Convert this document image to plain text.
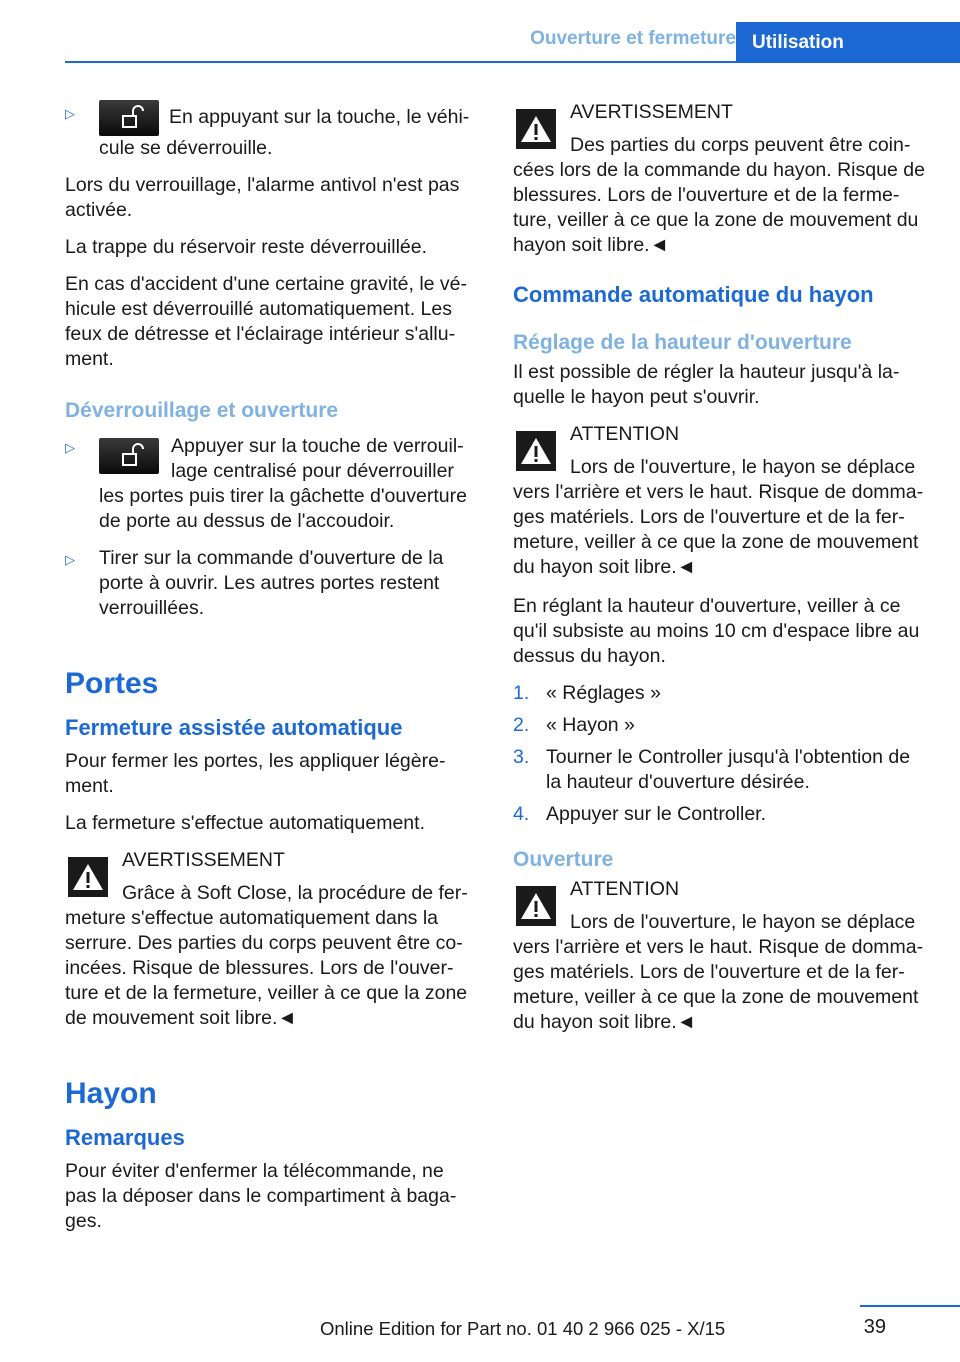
Ouverture et fermeture Utilisation
▷	En appuyant sur la touche, le véhicule se déverrouille.

Lors du verrouillage, l'alarme antivol n'est pas activée.

La trappe du réservoir reste déverrouillée.

En cas d'accident d'une certaine gravité, le véhicule est déverrouillé automatiquement. Les feux de détresse et l'éclairage intérieur s'allument.

Déverrouillage et ouverture
▷	Appuyer sur la touche de verrouillage centralisé pour déverrouiller les portes puis tirer la gâchette d'ouverture de porte au dessus de l'accoudoir.
▷ Tirer sur la commande d'ouverture de la porte à ouvrir. Les autres portes restent verrouillées.
Portes
Fermeture assistée automatique

Pour fermer les portes, les appliquer légèrement.

La fermeture s'effectue automatiquement.

AVERTISSEMENT
Grâce à Soft Close, la procédure de fermeture s'effectue automatiquement dans la serrure. Des parties du corps peuvent être coincées. Risque de blessures. Lors de l'ouverture et de la fermeture, veiller à ce que la zone de mouvement soit libre.◄
Hayon
Remarques

Pour éviter d'enfermer la télécommande, ne pas la déposer dans le compartiment à bagages.

AVERTISSEMENT
Des parties du corps peuvent être coincées lors de la commande du hayon. Risque de blessures. Lors de l'ouverture et de la fermeture, veiller à ce que la zone de mouvement du hayon soit libre.◄
Commande automatique du hayon
Réglage de la hauteur d'ouverture

Il est possible de régler la hauteur jusqu'à laquelle le hayon peut s'ouvrir.

ATTENTION
Lors de l'ouverture, le hayon se déplace vers l'arrière et vers le haut. Risque de dommages matériels. Lors de l'ouverture et de la fermeture, veiller à ce que la zone de mouvement du hayon soit libre.◄

En réglant la hauteur d'ouverture, veiller à ce qu'il subsiste au moins 10 cm d'espace libre au dessus du hayon.

1. « Réglages »
2. « Hayon »
3. Tourner le Controller jusqu'à l'obtention de la hauteur d'ouverture désirée.
4. Appuyer sur le Controller.
Ouverture
ATTENTION
Lors de l'ouverture, le hayon se déplace vers l'arrière et vers le haut. Risque de dommages matériels. Lors de l'ouverture et de la fermeture, veiller à ce que la zone de mouvement du hayon soit libre.◄
39
Online Edition for Part no. 01 40 2 966 025 - X/15
